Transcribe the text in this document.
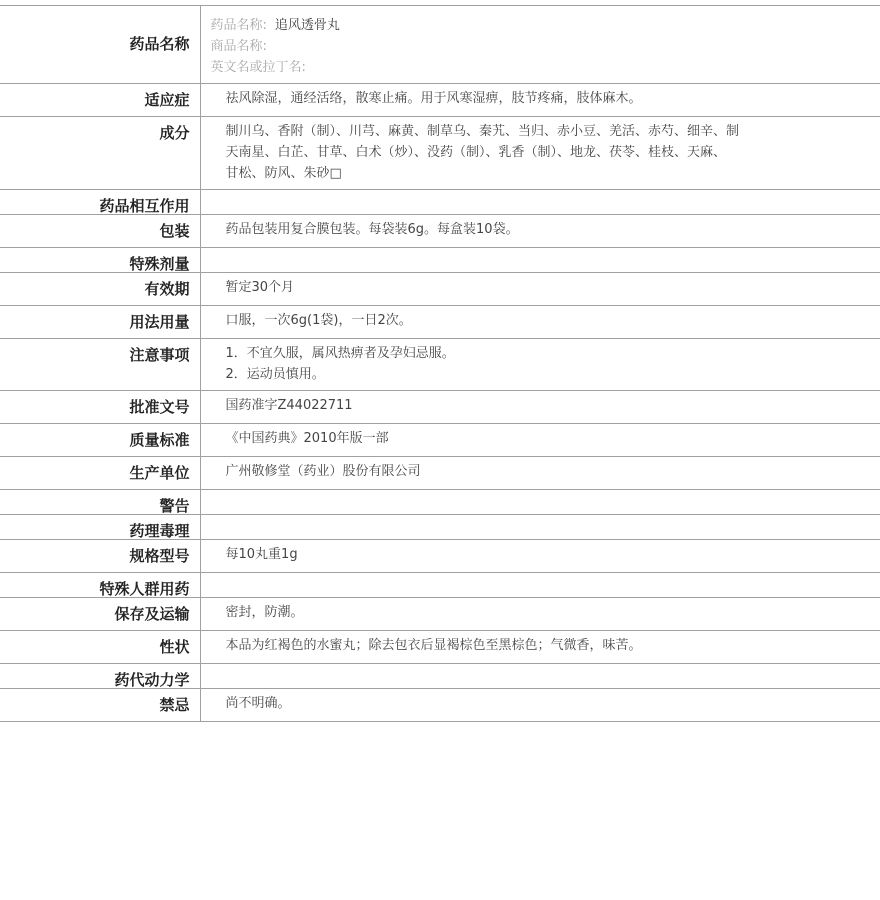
药品名称	药品名称: 追风透骨丸
商品名称:
英文名或拉丁名:

适应症	祛风除湿，通经活络，散寒止痛。用于风寒湿痹，肢节疼痛，肢体麻木。
成分	制川乌、香附（制）、川芎、麻黄、制草乌、秦艽、当归、赤小豆、羌活、赤芍、细辛、制
天南星、白芷、甘草、白术（炒）、没药（制）、乳香（制）、地龙、茯苓、桂枝、天麻、
甘松、防风、朱砂□

药品相互作用	
包装	药品包装用复合膜包装。每袋装6g。每盒装10袋。
特殊剂量	
有效期	暂定30个月
用法用量	口服，一次6g(1袋)，一日2次。
注意事项	1．不宜久服，属风热痹者及孕妇忌服。
2．运动员慎用。

批准文号	国药准字Z44022711
质量标准	《中国药典》2010年版一部
生产单位	广州敬修堂（药业）股份有限公司
警告	
药理毒理	
规格型号	每10丸重1g
特殊人群用药	
保存及运输	密封，防潮。
性状	本品为红褐色的水蜜丸；除去包衣后显褐棕色至黑棕色；气微香，味苦。
药代动力学	
禁忌	尚不明确。
